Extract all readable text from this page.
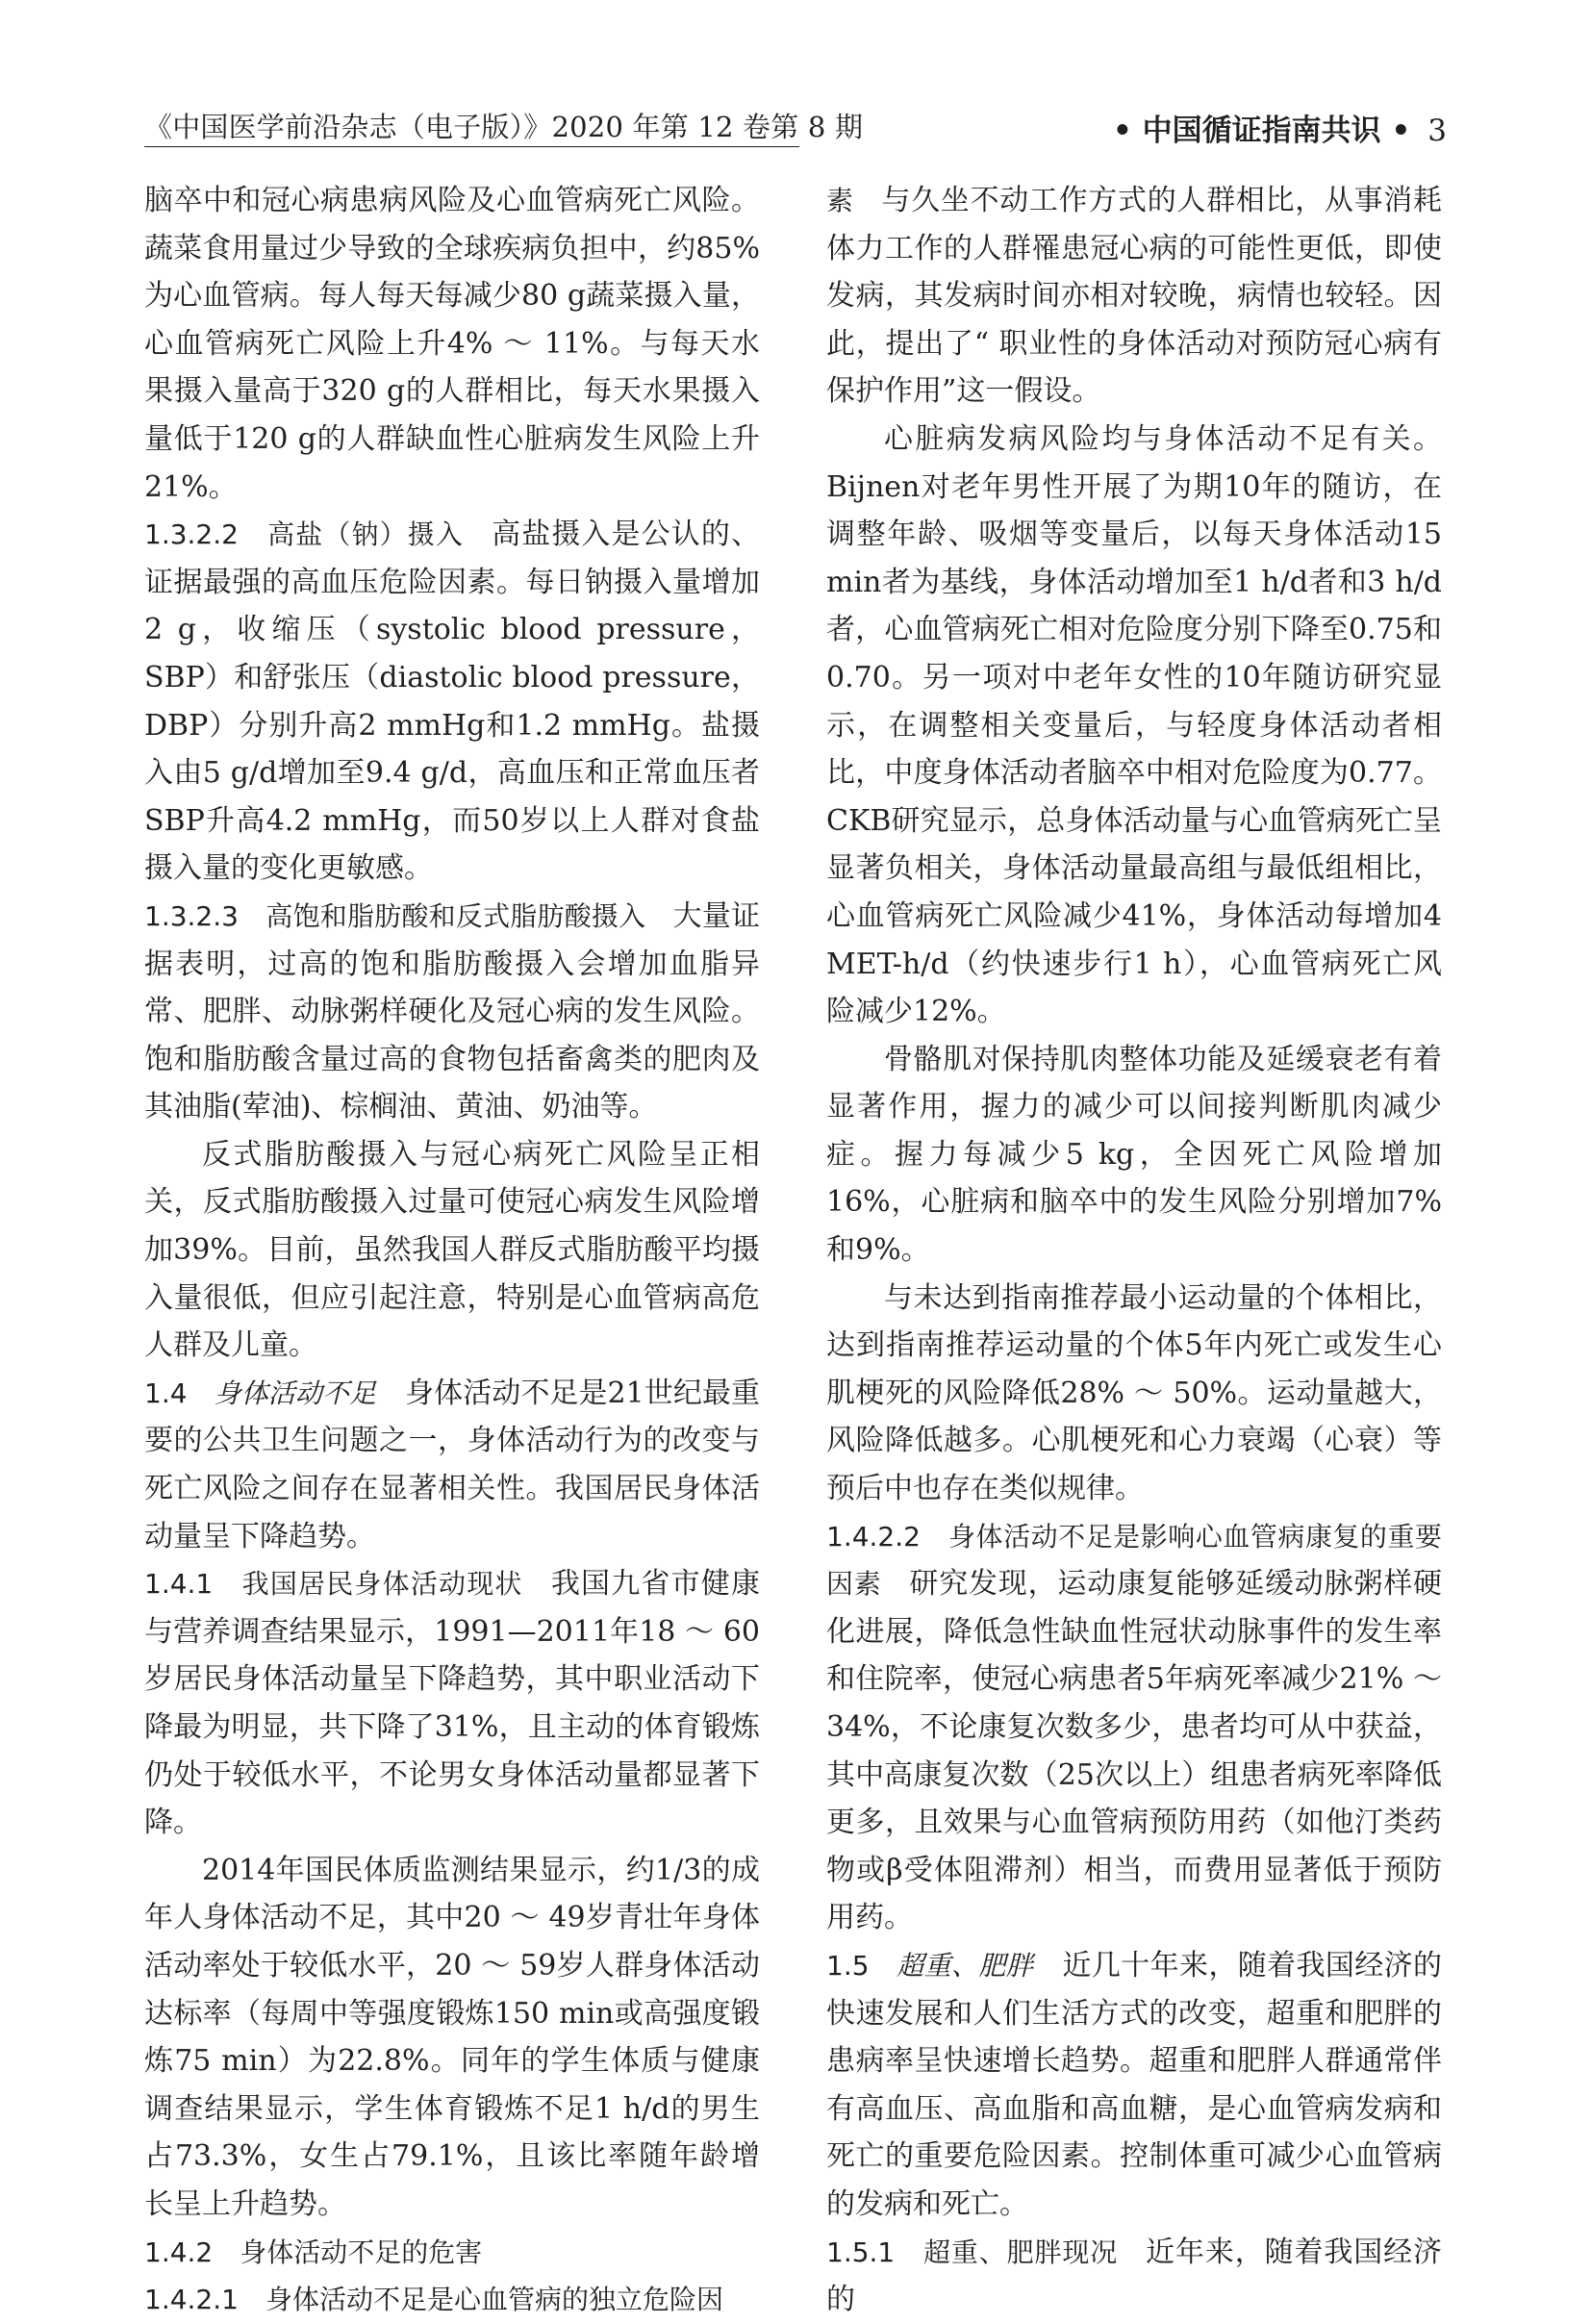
《中国医学前沿杂志（电子版）》2020 年第 12 卷第 8 期	• 中国循证指南共识 • 3

脑卒中和冠心病患病风险及心血管病死亡风险。蔬菜食用量过少导致的全球疾病负担中，约85%为心血管病。每人每天每减少80 g蔬菜摄入量，心血管病死亡风险上升4% ～ 11%。与每天水果摄入量高于320 g的人群相比，每天水果摄入量低于120 g的人群缺血性心脏病发生风险上升21%。

1.3.2.2　高盐（钠）摄入　高盐摄入是公认的、证据最强的高血压危险因素。每日钠摄入量增加2 g，收缩压（systolic blood pressure，SBP）和舒张压（diastolic blood pressure，DBP）分别升高2 mmHg和1.2 mmHg。盐摄入由5 g/d增加至9.4 g/d，高血压和正常血压者SBP升高4.2 mmHg，而50岁以上人群对食盐摄入量的变化更敏感。

1.3.2.3　高饱和脂肪酸和反式脂肪酸摄入　大量证据表明，过高的饱和脂肪酸摄入会增加血脂异常、肥胖、动脉粥样硬化及冠心病的发生风险。饱和脂肪酸含量过高的食物包括畜禽类的肥肉及其油脂(荤油)、棕榈油、黄油、奶油等。

反式脂肪酸摄入与冠心病死亡风险呈正相关，反式脂肪酸摄入过量可使冠心病发生风险增加39%。目前，虽然我国人群反式脂肪酸平均摄入量很低，但应引起注意，特别是心血管病高危人群及儿童。

1.4　身体活动不足　身体活动不足是21世纪最重要的公共卫生问题之一，身体活动行为的改变与死亡风险之间存在显著相关性。我国居民身体活动量呈下降趋势。

1.4.1　我国居民身体活动现状　我国九省市健康与营养调查结果显示，1991—2011年18 ～ 60岁居民身体活动量呈下降趋势，其中职业活动下降最为明显，共下降了31%，且主动的体育锻炼仍处于较低水平，不论男女身体活动量都显著下降。

2014年国民体质监测结果显示，约1/3的成年人身体活动不足，其中20 ～ 49岁青壮年身体活动率处于较低水平，20 ～ 59岁人群身体活动达标率（每周中等强度锻炼150 min或高强度锻炼75 min）为22.8%。同年的学生体质与健康调查结果显示，学生体育锻炼不足1 h/d的男生占73.3%，女生占79.1%，且该比率随年龄增长呈上升趋势。

1.4.2　身体活动不足的危害

1.4.2.1　身体活动不足是心血管病的独立危险因

素　与久坐不动工作方式的人群相比，从事消耗体力工作的人群罹患冠心病的可能性更低，即使发病，其发病时间亦相对较晚，病情也较轻。因此，提出了“ 职业性的身体活动对预防冠心病有保护作用”这一假设。

心脏病发病风险均与身体活动不足有关。Bijnen对老年男性开展了为期10年的随访，在调整年龄、吸烟等变量后，以每天身体活动15 min者为基线，身体活动增加至1 h/d者和3 h/d者，心血管病死亡相对危险度分别下降至0.75和0.70。另一项对中老年女性的10年随访研究显示，在调整相关变量后，与轻度身体活动者相比，中度身体活动者脑卒中相对危险度为0.77。CKB研究显示，总身体活动量与心血管病死亡呈显著负相关，身体活动量最高组与最低组相比，心血管病死亡风险减少41%，身体活动每增加4 MET-h/d（约快速步行1 h），心血管病死亡风险减少12%。

骨骼肌对保持肌肉整体功能及延缓衰老有着显著作用，握力的减少可以间接判断肌肉减少症。握力每减少5 kg，全因死亡风险增加16%，心脏病和脑卒中的发生风险分别增加7%和9%。

与未达到指南推荐最小运动量的个体相比，达到指南推荐运动量的个体5年内死亡或发生心肌梗死的风险降低28% ～ 50%。运动量越大，风险降低越多。心肌梗死和心力衰竭（心衰）等预后中也存在类似规律。

1.4.2.2　身体活动不足是影响心血管病康复的重要因素　研究发现，运动康复能够延缓动脉粥样硬化进展，降低急性缺血性冠状动脉事件的发生率和住院率，使冠心病患者5年病死率减少21% ～ 34%，不论康复次数多少，患者均可从中获益，其中高康复次数（25次以上）组患者病死率降低更多，且效果与心血管病预防用药（如他汀类药物或β受体阻滞剂）相当，而费用显著低于预防用药。

1.5　超重、肥胖　近几十年来，随着我国经济的快速发展和人们生活方式的改变，超重和肥胖的患病率呈快速增长趋势。超重和肥胖人群通常伴有高血压、高血脂和高血糖，是心血管病发病和死亡的重要危险因素。控制体重可减少心血管病的发病和死亡。

1.5.1　超重、肥胖现况　近年来，随着我国经济的
